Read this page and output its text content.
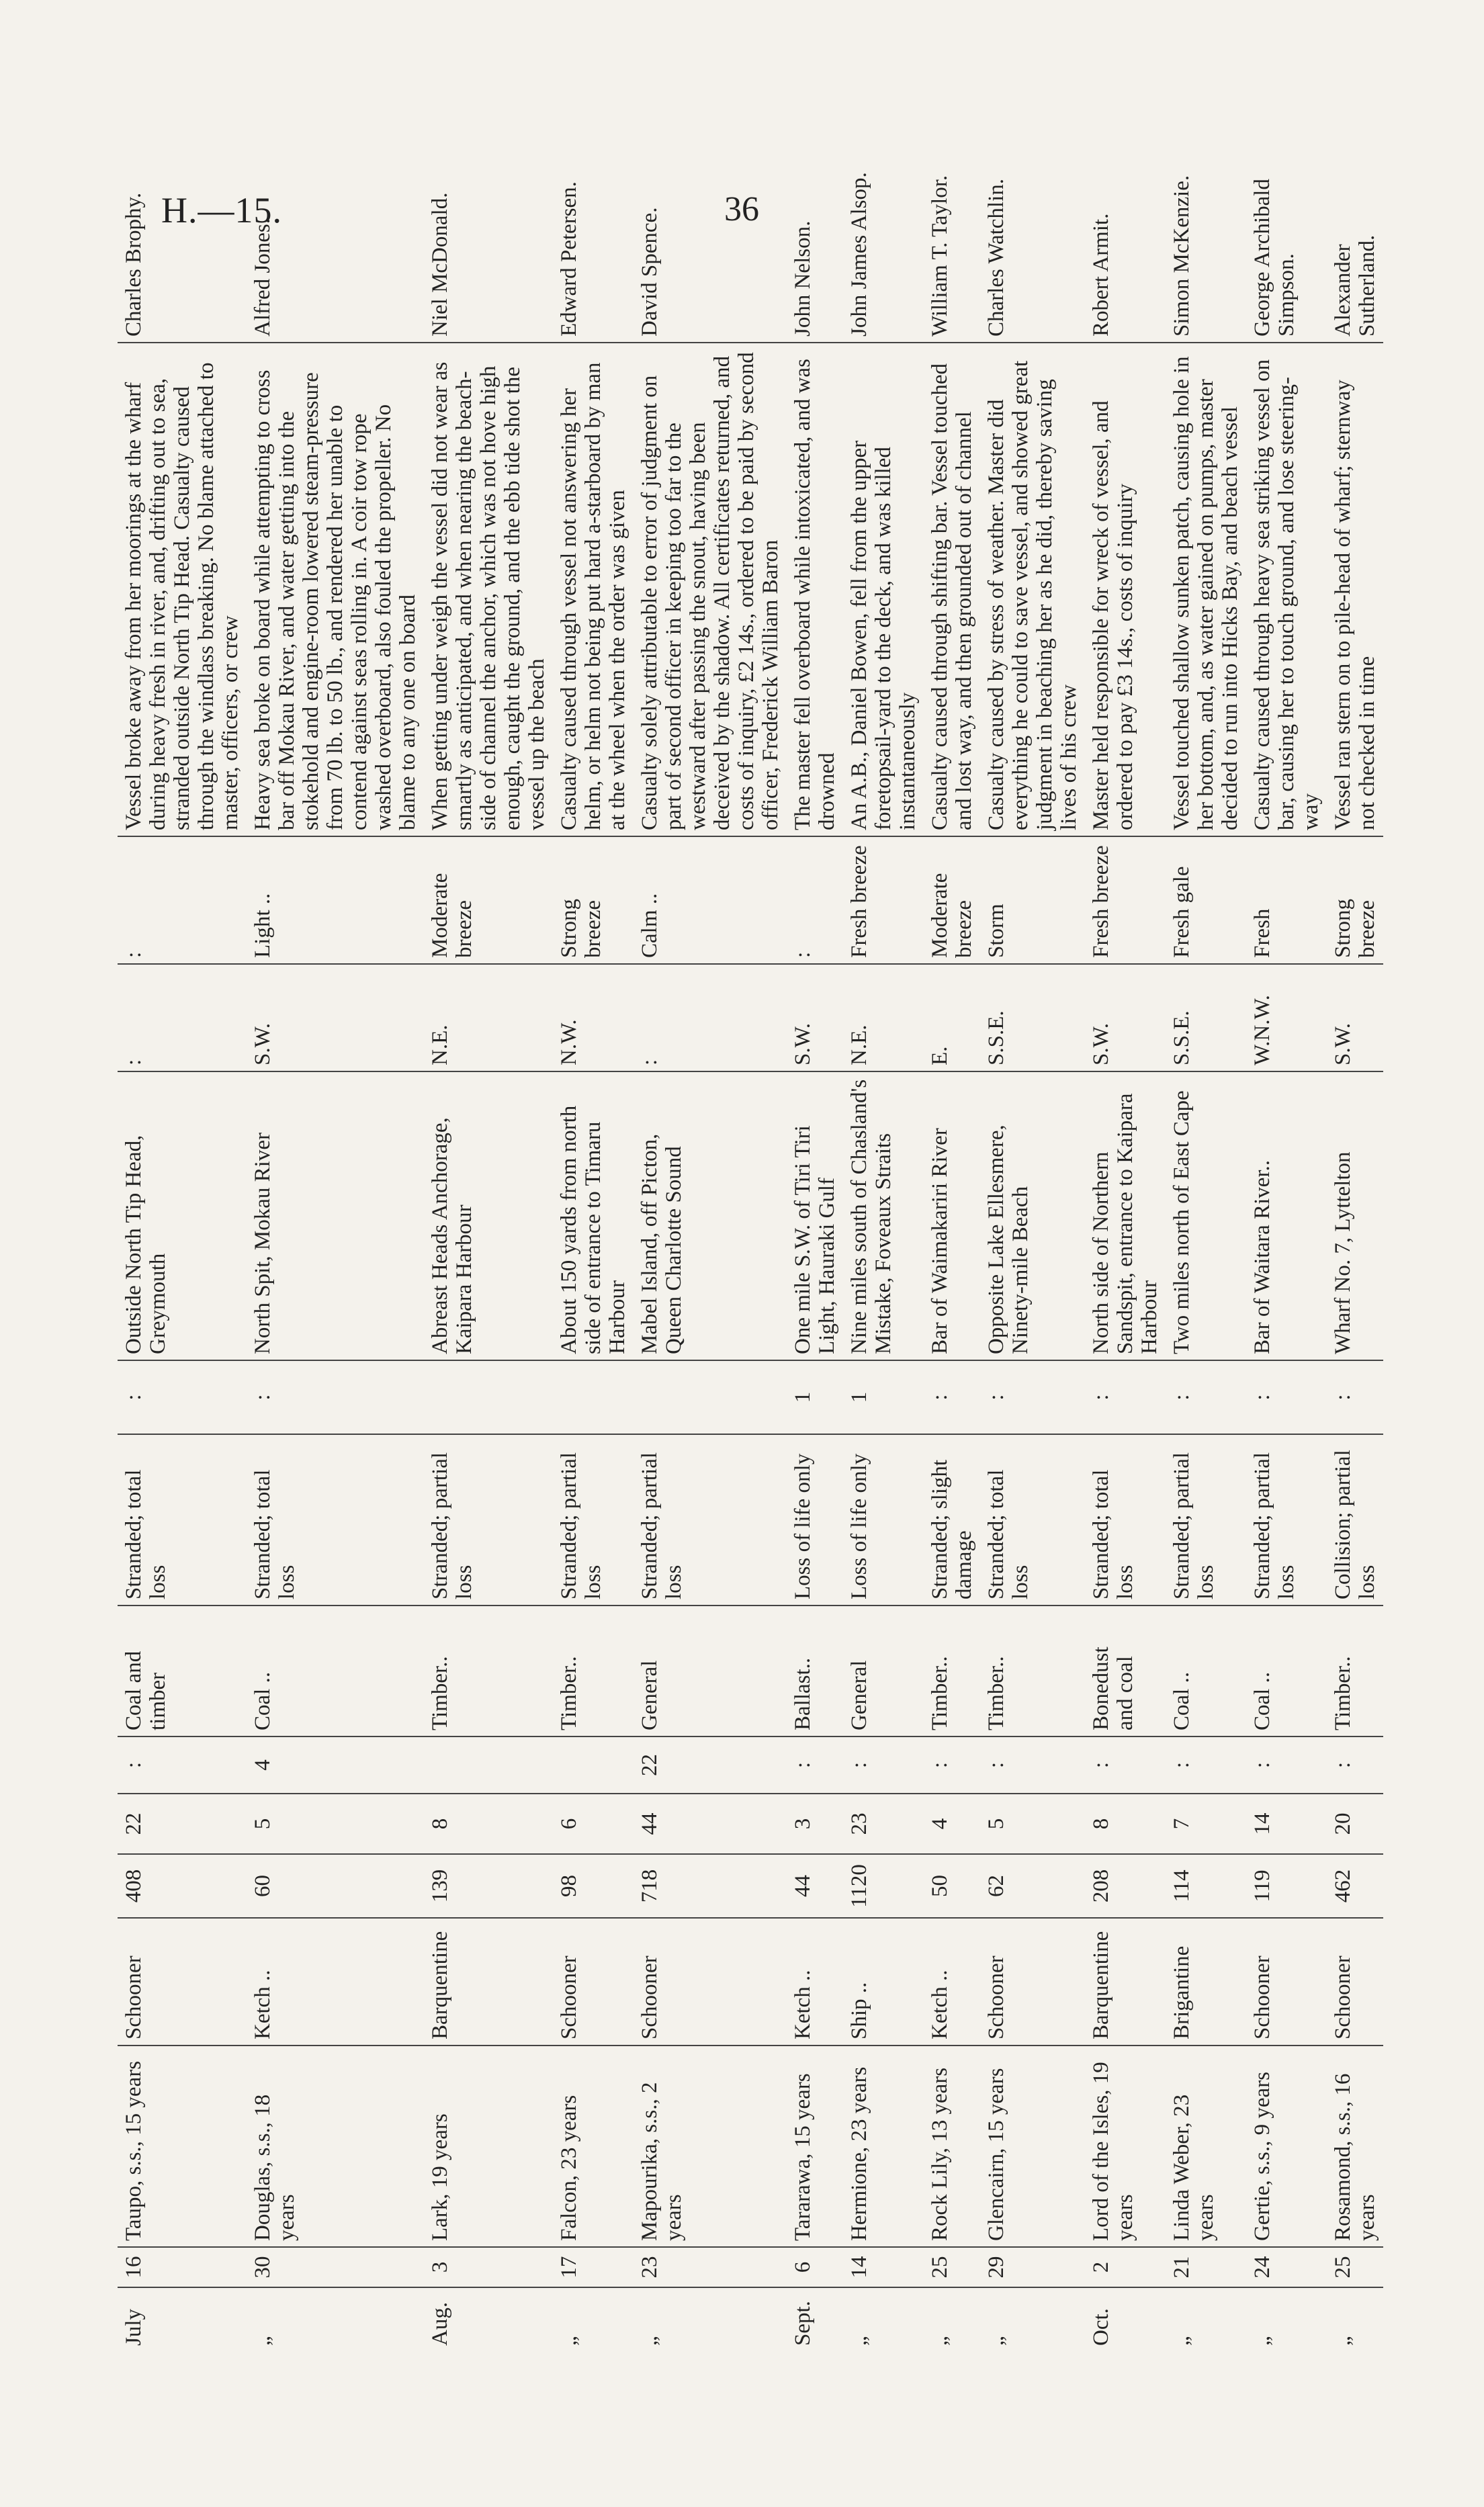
H.—15.	36
July	16	Taupo, s.s., 15 years	Schooner	408	22	:	Coal and timber	Stranded; total loss	:	Outside North Tip Head, Greymouth	:	:	Vessel broke away from her moorings at the wharf during heavy fresh in river, and, drifting out to sea, stranded outside North Tip Head. Casualty caused through the windlass breaking. No blame attached to master, officers, or crew	Charles Brophy.
„	30	Douglas, s.s., 18 years	Ketch ..	60	5	4	Coal ..	Stranded; total loss	:	North Spit, Mokau River	S.W.	Light ..	Heavy sea broke on board while attempting to cross bar off Mokau River, and water getting into the stokehold and engine-room lowered steam-pressure from 70 lb. to 50 lb., and rendered her unable to contend against seas rolling in. A coir tow rope washed overboard, also fouled the propeller. No blame to any one on board	Alfred Jones.
Aug.	3	Lark, 19 years	Barquentine	139	8		Timber..	Stranded; partial loss		Abreast Heads Anchorage, Kaipara Harbour	N.E.	Moderate breeze	When getting under weigh the vessel did not wear as smartly as anticipated, and when nearing the beach-side of channel the anchor, which was not hove high enough, caught the ground, and the ebb tide shot the vessel up the beach	Niel McDonald.
„	17	Falcon, 23 years	Schooner	98	6		Timber..	Stranded; partial loss		About 150 yards from north side of entrance to Timaru Harbour	N.W.	Strong breeze	Casualty caused through vessel not answering her helm, or helm not being put hard a-starboard by man at the wheel when the order was given	Edward Petersen.
„	23	Mapourika, s.s., 2 years	Schooner	718	44	22	General	Stranded; partial loss		Mabel Island, off Picton, Queen Charlotte Sound	:	Calm ..	Casualty solely attributable to error of judgment on part of second officer in keeping too far to the westward after passing the snout, having been deceived by the shadow. All certificates returned, and costs of inquiry, £2 14s., ordered to be paid by second officer, Frederick William Baron	David Spence.
Sept.	6	Tararawa, 15 years	Ketch ..	44	3	:	Ballast..	Loss of life only	1	One mile S.W. of Tiri Tiri Light, Hauraki Gulf	S.W.	:	The master fell overboard while intoxicated, and was drowned	John Nelson.
„	14	Hermione, 23 years	Ship ..	1120	23	:	General	Loss of life only	1	Nine miles south of Chasland's Mistake, Foveaux Straits	N.E.	Fresh breeze	An A.B., Daniel Bowen, fell from the upper foretopsail-yard to the deck, and was killed instantaneously	John James Alsop.
„	25	Rock Lily, 13 years	Ketch ..	50	4	:	Timber..	Stranded; slight damage	:	Bar of Waimakariri River	E.	Moderate breeze	Casualty caused through shifting bar. Vessel touched and lost way, and then grounded out of channel	William T. Taylor.
„	29	Glencairn, 15 years	Schooner	62	5	:	Timber..	Stranded; total loss	:	Opposite Lake Ellesmere, Ninety-mile Beach	S.S.E.	Storm	Casualty caused by stress of weather. Master did everything he could to save vessel, and showed great judgment in beaching her as he did, thereby saving lives of his crew	Charles Watchlin.
Oct.	2	Lord of the Isles, 19 years	Barquentine	208	8	:	Bonedust and coal	Stranded; total loss	:	North side of Northern Sandspit, entrance to Kaipara Harbour	S.W.	Fresh breeze	Master held responsible for wreck of vessel, and ordered to pay £3 14s., costs of inquiry	Robert Armit.
„	21	Linda Weber, 23 years	Brigantine	114	7	:	Coal ..	Stranded; partial loss	:	Two miles north of East Cape	S.S.E.	Fresh gale	Vessel touched shallow sunken patch, causing hole in her bottom, and, as water gained on pumps, master decided to run into Hicks Bay, and beach vessel	Simon McKenzie.
„	24	Gertie, s.s., 9 years	Schooner	119	14	:	Coal ..	Stranded; partial loss	:	Bar of Waitara River..	W.N.W.	Fresh	Casualty caused through heavy sea striking vessel on bar, causing her to touch ground, and lose steering-way	George Archibald Simpson.
„	25	Rosamond, s.s., 16 years	Schooner	462	20	:	Timber..	Collision; partial loss	:	Wharf No. 7, Lyttelton	S.W.	Strong breeze	Vessel ran stern on to pile-head of wharf; sternway not checked in time	Alexander Sutherland.
